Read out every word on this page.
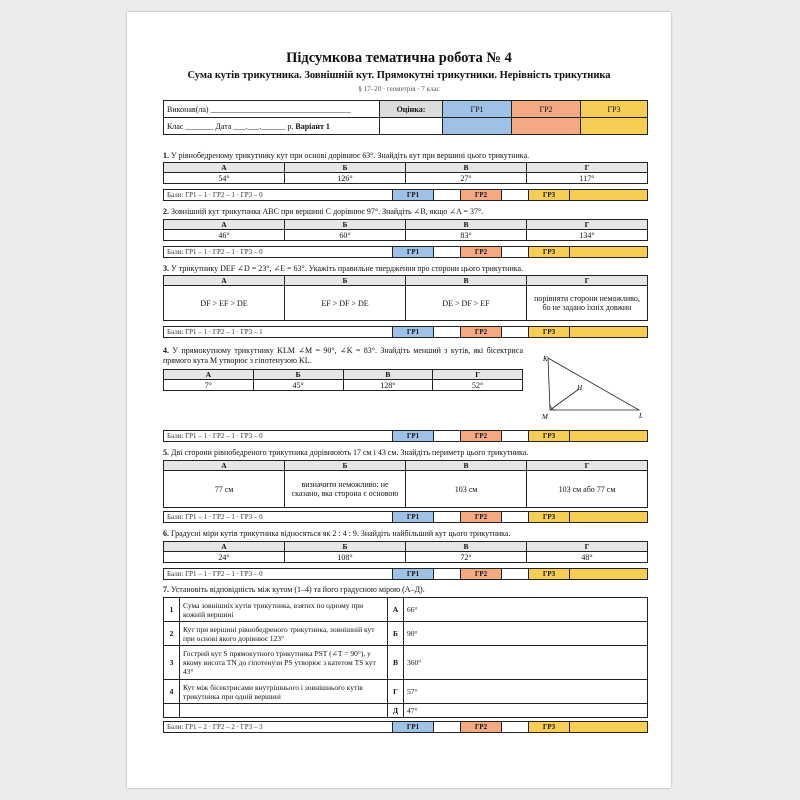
Підсумкова тематична робота № 4
Сума кутів трикутника. Зовнішній кут. Прямокутні трикутники. Нерівність трикутника
§ 17–20 · геометрія · 7 клас
Виконав(ла) ___________________________________	Оцінка:	ГР1	ГР2	ГР3
Клас _______ Дата ___.___.______ р. Варіант 1				
1. У рівнобедреному трикутнику кут при основі дорівнює 63°. Знайдіть кут при вершині цього трикутника.
А	Б	В	Г
54°	126°	27°	117°
Бали: ГР1 – 1 · ГР2 – 1 · ГР3 – 0	ГР1		ГР2		ГР3	
2. Зовнішній кут трикутника ABC при вершині C дорівнює 97°. Знайдіть ∠B, якщо ∠A = 37°.
А	Б	В	Г
46°	60°	83°	134°
Бали: ГР1 – 1 · ГР2 – 1 · ГР3 – 0	ГР1		ГР2		ГР3	
3. У трикутнику DEF ∠D = 23°, ∠E = 63°. Укажіть правильне твердження про сторони цього трикутника.
А	Б	В	Г
DF > EF > DE	EF > DF > DE	DE > DF > EF	порівняти сторони неможливо, бо не задано їхніх довжин
Бали: ГР1 – 1 · ГР2 – 1 · ГР3 – 1	ГР1		ГР2		ГР3	
4. У прямокутному трикутнику KLM ∠M = 90°, ∠K = 83°. Знайдіть менший з кутів, які бісектриса прямого кута M утворює з гіпотенузою KL.
А	Б	В	Г
7°	45°	128°	52°
K
M	L
H
Бали: ГР1 – 1 · ГР2 – 1 · ГР3 – 0	ГР1		ГР2		ГР3	
5. Дві сторони рівнобедреного трикутника дорівнюють 17 см і 43 см. Знайдіть периметр цього трикутника.
А	Б	В	Г
77 см	визначити неможливо: не сказано, яка сторона є основою	103 см	103 см або 77 см
Бали: ГР1 – 1 · ГР2 – 1 · ГР3 – 0	ГР1		ГР2		ГР3	
6. Градусні міри кутів трикутника відносяться як 2 : 4 : 9. Знайдіть найбільший кут цього трикутника.
А	Б	В	Г
24°	108°	72°	48°
Бали: ГР1 – 1 · ГР2 – 1 · ГР3 – 0	ГР1		ГР2		ГР3	
7. Установіть відповідність між кутом (1–4) та його градусною мірою (А–Д).
1	Сума зовнішніх кутів трикутника, взятих по одному при кожній вершині	А	66°
2	Кут при вершині рівнобедреного трикутника, зовнішній кут при основі якого дорівнює 123°	Б	90°
3	Гострий кут S прямокутного трикутника PST (∠T = 90°), у якому висота TN до гіпотенузи PS утворює з катетом TS кут 43°	В	360°
4	Кут між бісектрисами внутрішнього і зовнішнього кутів трикутника при одній вершині	Г	57°
		Д	47°
Бали: ГР1 – 2 · ГР2 – 2 · ГР3 – 3	ГР1		ГР2		ГР3	
